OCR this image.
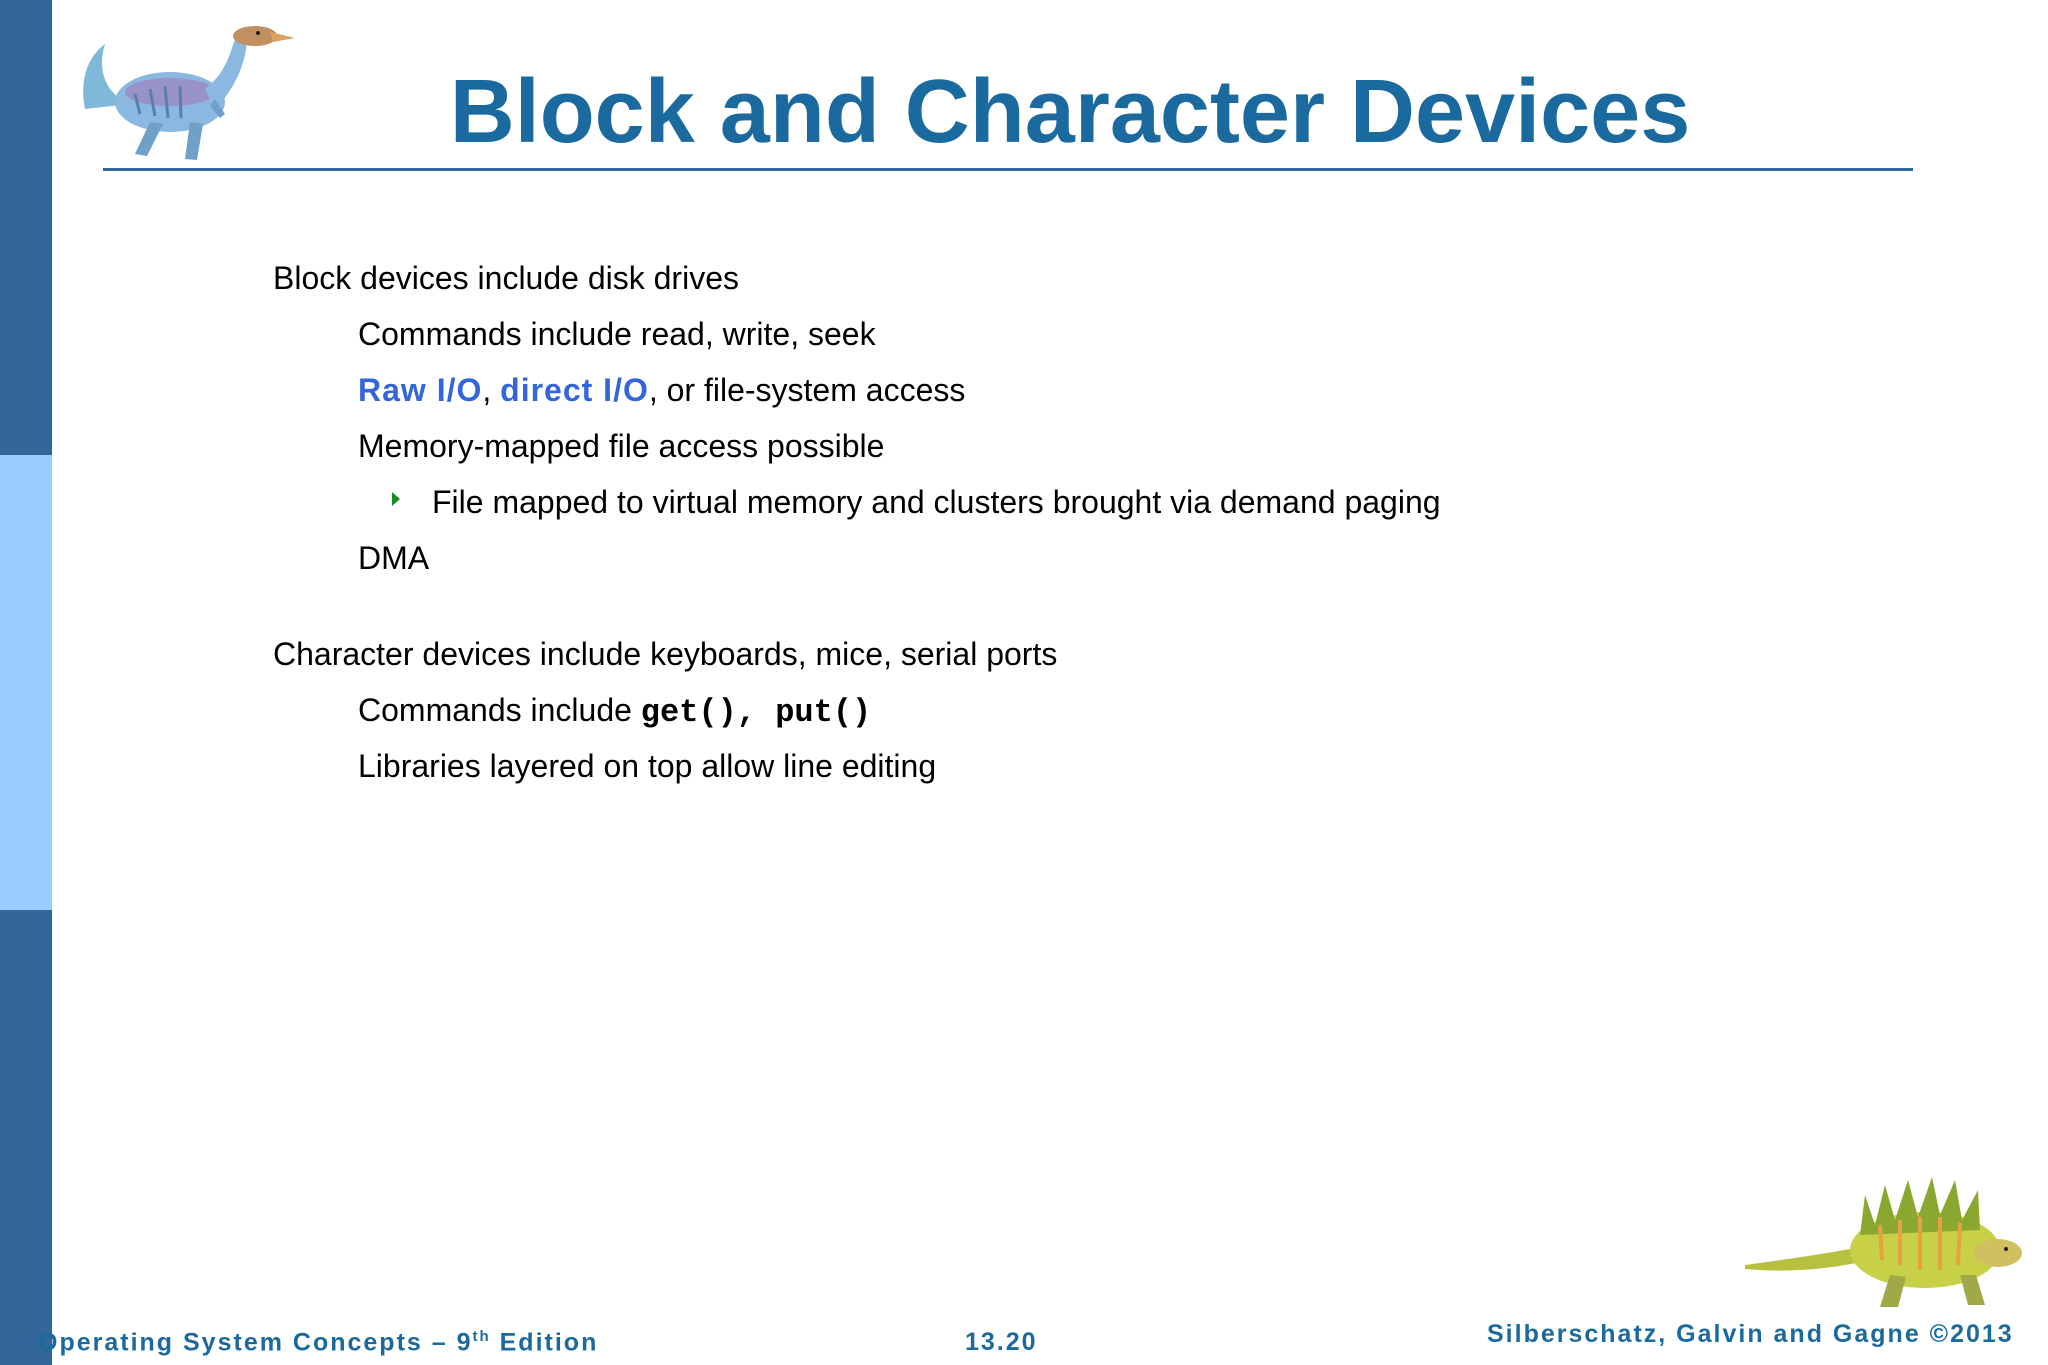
Block and Character Devices
Block devices include disk drives
Commands include read, write, seek
Raw I/O, direct I/O, or file-system access
Memory-mapped file access possible
File mapped to virtual memory and clusters brought via demand paging
DMA
Character devices include keyboards, mice, serial ports
Commands include get(), put()
Libraries layered on top allow line editing
Operating System Concepts – 9th Edition	13.20	Silberschatz, Galvin and Gagne ©2013
